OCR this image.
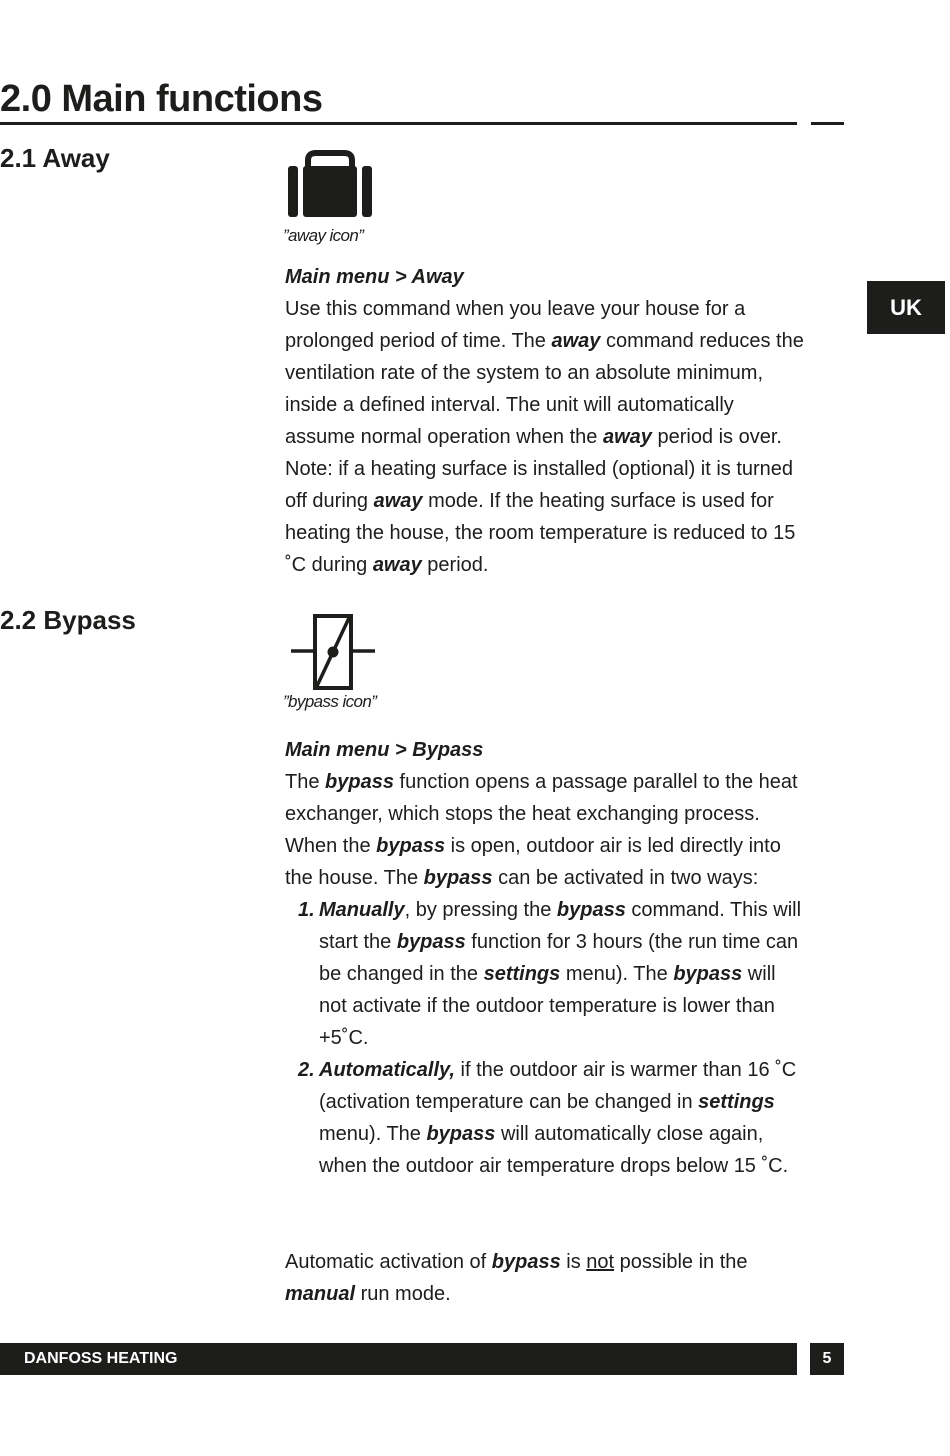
2.0 Main functions
UK
2.1 Away
”away icon”
Main menu > Away

Use this command when you leave your house for a prolonged period of time. The away command reduces the ventilation rate of the system to an absolute minimum, inside a defined interval. The unit will automatically assume normal operation when the away period is over. Note: if a heating surface is installed (optional) it is turned off during away mode. If the heating surface is used for heating the house, the room temperature is reduced to 15 ˚C during away period.

2.2 Bypass
”bypass icon”
Main menu > Bypass

The bypass function opens a passage parallel to the heat exchanger, which stops the heat exchanging process. When the bypass is open, outdoor air is led directly into the house. The bypass can be activated in two ways:

1. Manually, by pressing the bypass command. This will start the bypass function for 3 hours (the run time can be changed in the settings menu). The bypass will not activate if the outdoor temperature is lower than +5˚C.
2. Automatically, if the outdoor air is warmer than 16 ˚C (activation temperature can be changed in settings menu). The bypass will automatically close again, when the outdoor air temperature drops below 15 ˚C.

Automatic activation of bypass is not possible in the manual run mode.

DANFOSS HEATING	5
